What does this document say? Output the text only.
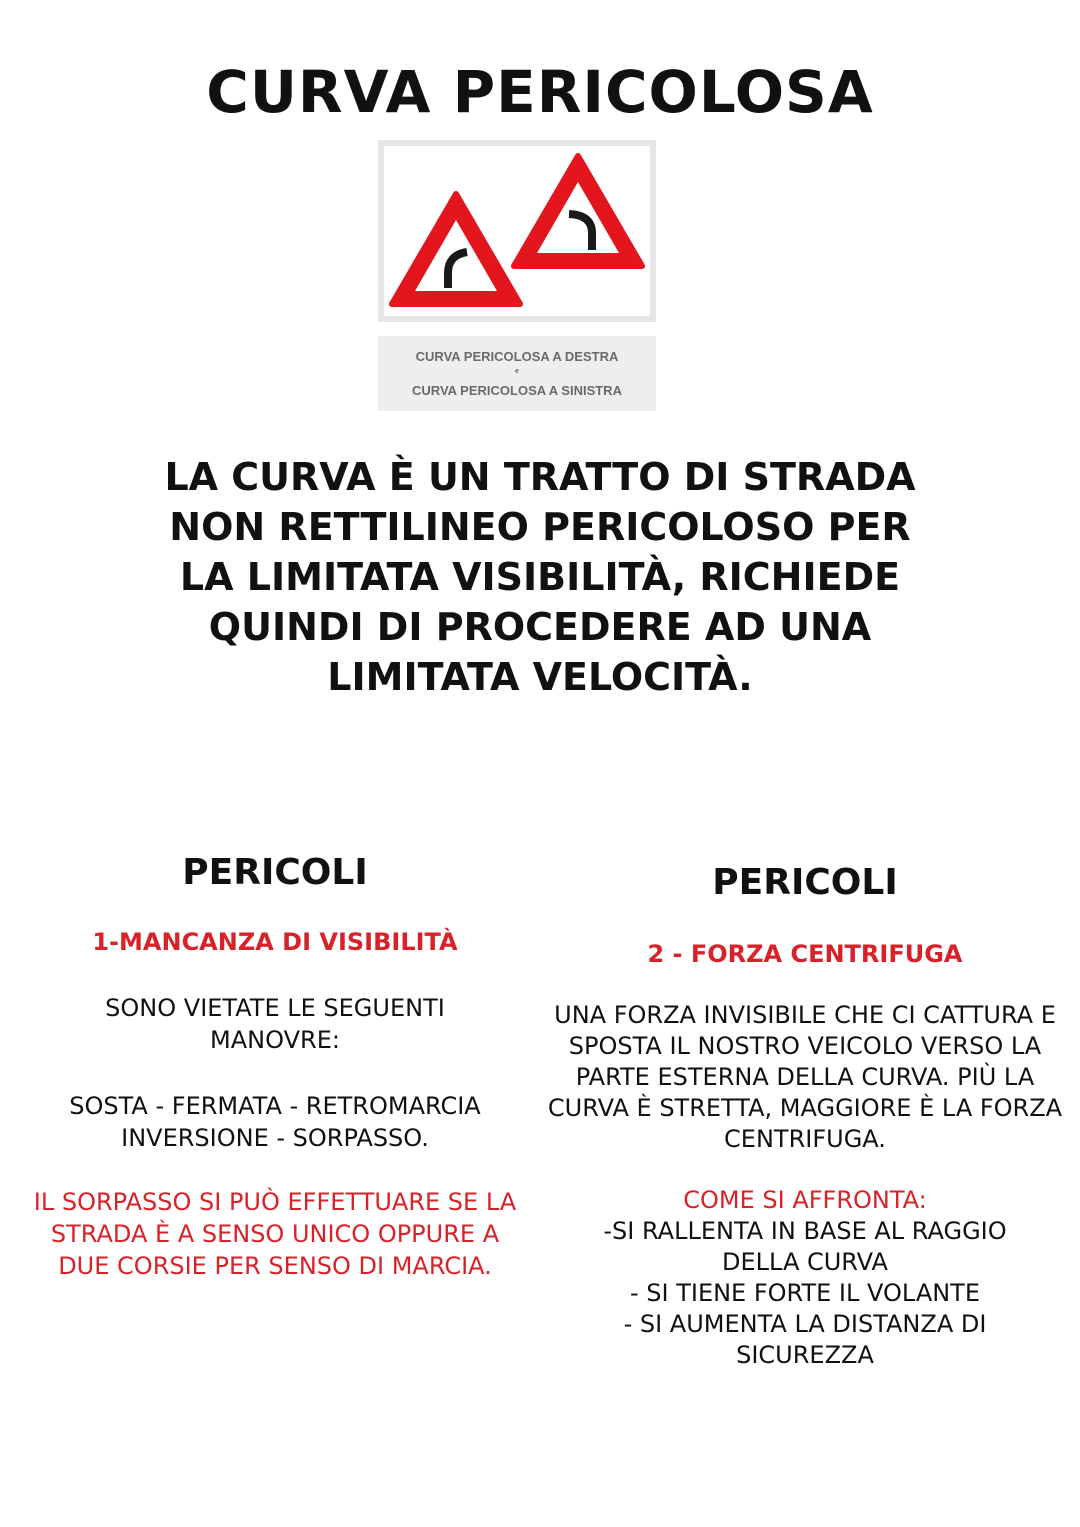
CURVA PERICOLOSA
CURVA PERICOLOSA A DESTRA
e
CURVA PERICOLOSA A SINISTRA

LA CURVA È UN TRATTO DI STRADA NON RETTILINEO PERICOLOSO PER LA LIMITATA VISIBILITÀ, RICHIEDE QUINDI DI PROCEDERE AD UNA LIMITATA VELOCITÀ.

PERICOLI
1-MANCANZA DI VISIBILITÀ
SONO VIETATE LE SEGUENTI MANOVRE:
SOSTA - FERMATA - RETROMARCIA INVERSIONE - SORPASSO.
IL SORPASSO SI PUÒ EFFETTUARE SE LA STRADA È A SENSO UNICO OPPURE A DUE CORSIE PER SENSO DI MARCIA.
PERICOLI
2 - FORZA CENTRIFUGA
UNA FORZA INVISIBILE CHE CI CATTURA E SPOSTA IL NOSTRO VEICOLO VERSO LA PARTE ESTERNA DELLA CURVA. PIÙ LA CURVA È STRETTA, MAGGIORE È LA FORZA CENTRIFUGA.
COME SI AFFRONTA:
-SI RALLENTA IN BASE AL RAGGIO DELLA CURVA
- SI TIENE FORTE IL VOLANTE
- SI AUMENTA LA DISTANZA DI SICUREZZA
